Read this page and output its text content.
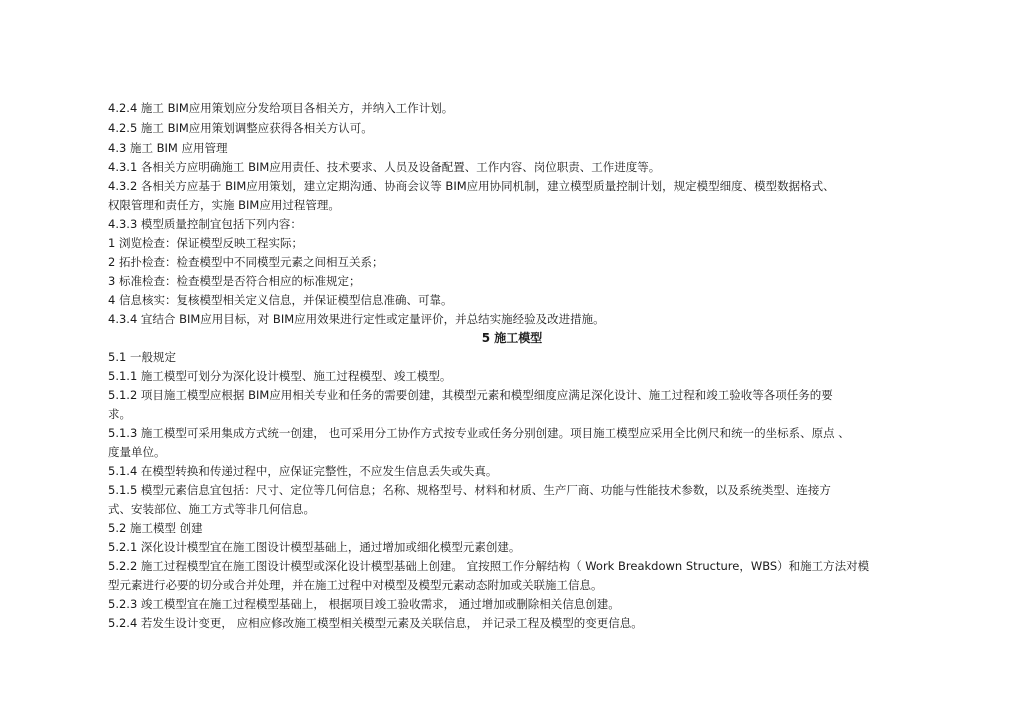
4.2.4 施工 BIM应用策划应分发给项目各相关方，并纳入工作计划。
4.2.5 施工 BIM应用策划调整应获得各相关方认可。
4.3 施工 BIM 应用管理
4.3.1 各相关方应明确施工 BIM应用责任、技术要求、人员及设备配置、工作内容、岗位职责、工作进度等。
4.3.2 各相关方应基于 BIM应用策划，建立定期沟通、协商会议等 BIM应用协同机制，建立模型质量控制计划，规定模型细度、模型数据格式、
权限管理和责任方，实施 BIM应用过程管理。
4.3.3 模型质量控制宜包括下列内容：
1 浏览检查：保证模型反映工程实际；
2 拓扑检查：检查模型中不同模型元素之间相互关系；
3 标准检查：检查模型是否符合相应的标准规定；
4 信息核实：复核模型相关定义信息，并保证模型信息准确、可靠。
4.3.4 宜结合 BIM应用目标，对 BIM应用效果进行定性或定量评价，并总结实施经验及改进措施。
5 施工模型
5.1 一般规定
5.1.1 施工模型可划分为深化设计模型、施工过程模型、竣工模型。
5.1.2 项目施工模型应根据 BIM应用相关专业和任务的需要创建，其模型元素和模型细度应满足深化设计、施工过程和竣工验收等各项任务的要
求。
5.1.3 施工模型可采用集成方式统一创建， 也可采用分工协作方式按专业或任务分别创建。项目施工模型应采用全比例尺和统一的坐标系、原点 、
度量单位。
5.1.4 在模型转换和传递过程中，应保证完整性，不应发生信息丢失或失真。
5.1.5 模型元素信息宜包括：尺寸、定位等几何信息；名称、规格型号、材料和材质、生产厂商、功能与性能技术参数，以及系统类型、连接方
式、安装部位、施工方式等非几何信息。
5.2 施工模型 创建
5.2.1 深化设计模型宜在施工图设计模型基础上，通过增加或细化模型元素创建。
5.2.2 施工过程模型宜在施工图设计模型或深化设计模型基础上创建。 宜按照工作分解结构（ Work Breakdown Structure，WBS）和施工方法对模
型元素进行必要的切分或合并处理，并在施工过程中对模型及模型元素动态附加或关联施工信息。
5.2.3 竣工模型宜在施工过程模型基础上， 根据项目竣工验收需求， 通过增加或删除相关信息创建。
5.2.4 若发生设计变更， 应相应修改施工模型相关模型元素及关联信息， 并记录工程及模型的变更信息。
